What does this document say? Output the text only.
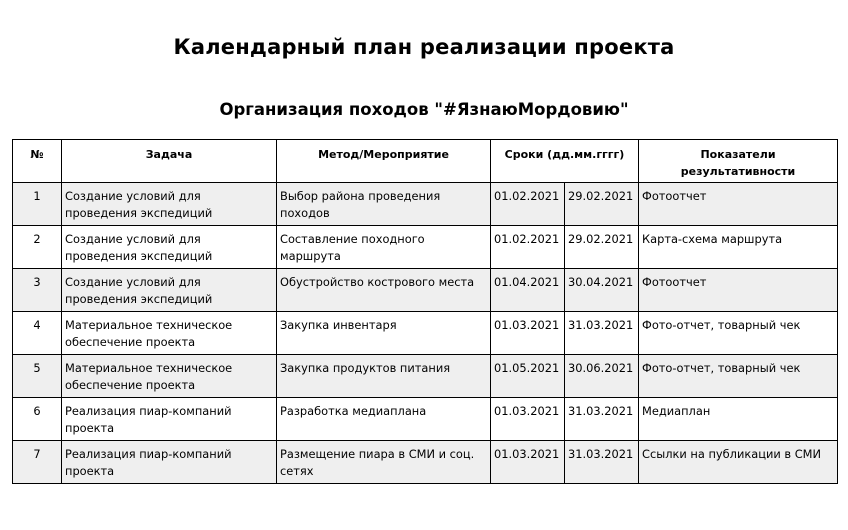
Календарный план реализации проекта
Организация походов "#ЯзнаюМордовию"
№	Задача	Метод/Мероприятие	Сроки (дд.мм.гггг)		Показатели результативности
1	Создание условий для проведения экспедиций	Выбор района проведения походов	01.02.2021	29.02.2021	Фотоотчет
2	Создание условий для проведения экспедиций	Составление походного маршрута	01.02.2021	29.02.2021	Карта-схема маршрута
3	Создание условий для проведения экспедиций	Обустройство кострового места	01.04.2021	30.04.2021	Фотоотчет
4	Материальное техническое обеспечение проекта	Закупка инвентаря	01.03.2021	31.03.2021	Фото-отчет, товарный чек
5	Материальное техническое обеспечение проекта	Закупка продуктов питания	01.05.2021	30.06.2021	Фото-отчет, товарный чек
6	Реализация пиар-компаний проекта	Разработка медиаплана	01.03.2021	31.03.2021	Медиаплан
7	Реализация пиар-компаний проекта	Размещение пиара в СМИ и соц. сетях	01.03.2021	31.03.2021	Ссылки на публикации в СМИ
